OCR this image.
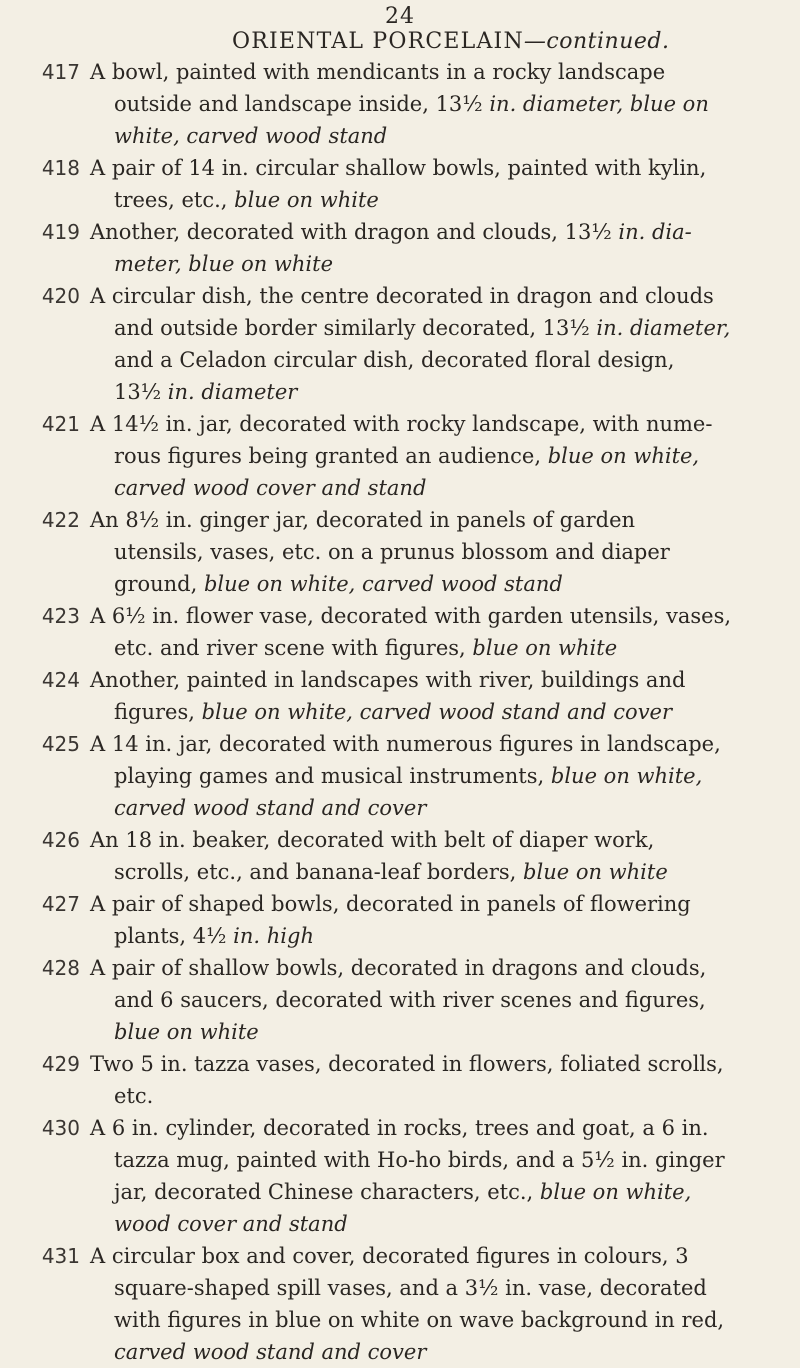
24
ORIENTAL PORCELAIN—continued.
417 A bowl, painted with mendicants in a rocky landscape
outside and landscape inside, 13½ in. diameter, blue on
white, carved wood stand
418 A pair of 14 in. circular shallow bowls, painted with kylin,
trees, etc., blue on white
419 Another, decorated with dragon and clouds, 13½ in. dia-
meter, blue on white
420 A circular dish, the centre decorated in dragon and clouds
and outside border similarly decorated, 13½ in. diameter,
and a Celadon circular dish, decorated floral design,
13½ in. diameter
421 A 14½ in. jar, decorated with rocky landscape, with nume-
rous figures being granted an audience, blue on white,
carved wood cover and stand
422 An 8½ in. ginger jar, decorated in panels of garden
utensils, vases, etc. on a prunus blossom and diaper
ground, blue on white, carved wood stand
423 A 6½ in. flower vase, decorated with garden utensils, vases,
etc. and river scene with figures, blue on white
424 Another, painted in landscapes with river, buildings and
figures, blue on white, carved wood stand and cover
425 A 14 in. jar, decorated with numerous figures in landscape,
playing games and musical instruments, blue on white,
carved wood stand and cover
426 An 18 in. beaker, decorated with belt of diaper work,
scrolls, etc., and banana-leaf borders, blue on white
427 A pair of shaped bowls, decorated in panels of flowering
plants, 4½ in. high
428 A pair of shallow bowls, decorated in dragons and clouds,
and 6 saucers, decorated with river scenes and figures,
blue on white
429 Two 5 in. tazza vases, decorated in flowers, foliated scrolls,
etc.
430 A 6 in. cylinder, decorated in rocks, trees and goat, a 6 in.
tazza mug, painted with Ho-ho birds, and a 5½ in. ginger
jar, decorated Chinese characters, etc., blue on white,
wood cover and stand
431 A circular box and cover, decorated figures in colours, 3
square-shaped spill vases, and a 3½ in. vase, decorated
with figures in blue on white on wave background in red,
carved wood stand and cover
